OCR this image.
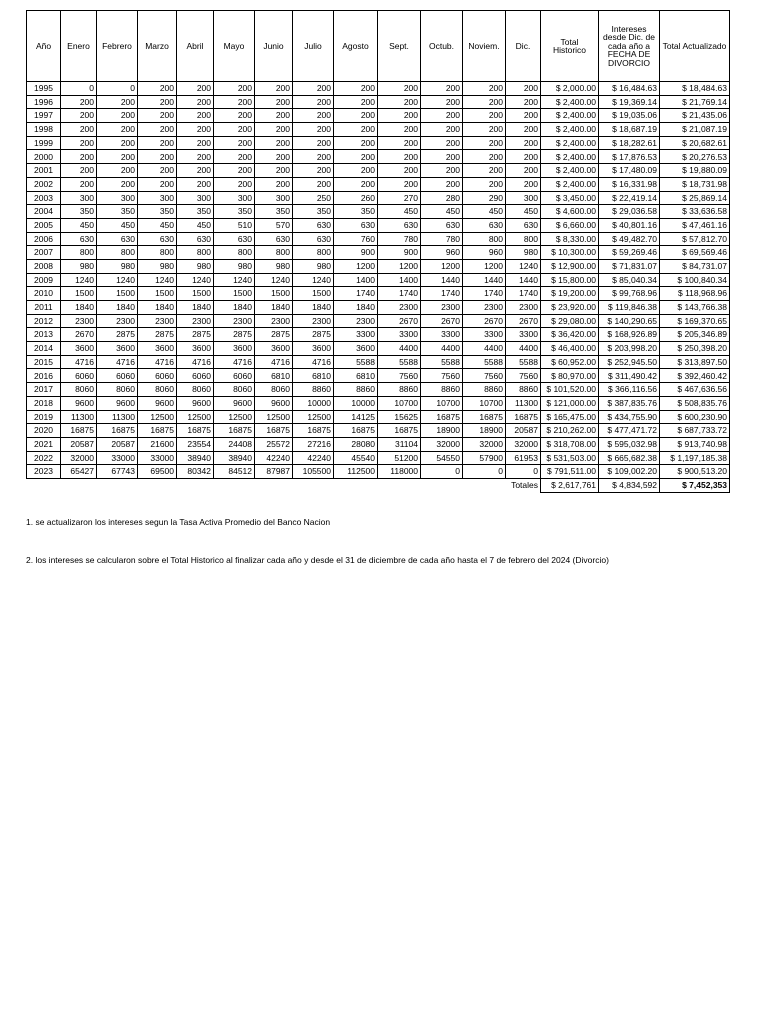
Año	Enero	Febrero	Marzo	Abril	Mayo	Junio	Julio	Agosto	Sept.	Octub.	Noviem.	Dic.	Total Historico	Intereses desde Dic. de cada año a FECHA DE DIVORCIO	Total Actualizado
1995	0	0	200	200	200	200	200	200	200	200	200	200	$ 2,000.00	$ 16,484.63	$ 18,484.63
1996	200	200	200	200	200	200	200	200	200	200	200	200	$ 2,400.00	$ 19,369.14	$ 21,769.14
1997	200	200	200	200	200	200	200	200	200	200	200	200	$ 2,400.00	$ 19,035.06	$ 21,435.06
1998	200	200	200	200	200	200	200	200	200	200	200	200	$ 2,400.00	$ 18,687.19	$ 21,087.19
1999	200	200	200	200	200	200	200	200	200	200	200	200	$ 2,400.00	$ 18,282.61	$ 20,682.61
2000	200	200	200	200	200	200	200	200	200	200	200	200	$ 2,400.00	$ 17,876.53	$ 20,276.53
2001	200	200	200	200	200	200	200	200	200	200	200	200	$ 2,400.00	$ 17,480.09	$ 19,880.09
2002	200	200	200	200	200	200	200	200	200	200	200	200	$ 2,400.00	$ 16,331.98	$ 18,731.98
2003	300	300	300	300	300	300	250	260	270	280	290	300	$ 3,450.00	$ 22,419.14	$ 25,869.14
2004	350	350	350	350	350	350	350	350	450	450	450	450	$ 4,600.00	$ 29,036.58	$ 33,636.58
2005	450	450	450	450	510	570	630	630	630	630	630	630	$ 6,660.00	$ 40,801.16	$ 47,461.16
2006	630	630	630	630	630	630	630	760	780	780	800	800	$ 8,330.00	$ 49,482.70	$ 57,812.70
2007	800	800	800	800	800	800	800	900	900	960	960	980	$ 10,300.00	$ 59,269.46	$ 69,569.46
2008	980	980	980	980	980	980	980	1200	1200	1200	1200	1240	$ 12,900.00	$ 71,831.07	$ 84,731.07
2009	1240	1240	1240	1240	1240	1240	1240	1400	1400	1440	1440	1440	$ 15,800.00	$ 85,040.34	$ 100,840.34
2010	1500	1500	1500	1500	1500	1500	1500	1740	1740	1740	1740	1740	$ 19,200.00	$ 99,768.96	$ 118,968.96
2011	1840	1840	1840	1840	1840	1840	1840	1840	2300	2300	2300	2300	$ 23,920.00	$ 119,846.38	$ 143,766.38
2012	2300	2300	2300	2300	2300	2300	2300	2300	2670	2670	2670	2670	$ 29,080.00	$ 140,290.65	$ 169,370.65
2013	2670	2875	2875	2875	2875	2875	2875	3300	3300	3300	3300	3300	$ 36,420.00	$ 168,926.89	$ 205,346.89
2014	3600	3600	3600	3600	3600	3600	3600	3600	4400	4400	4400	4400	$ 46,400.00	$ 203,998.20	$ 250,398.20
2015	4716	4716	4716	4716	4716	4716	4716	5588	5588	5588	5588	5588	$ 60,952.00	$ 252,945.50	$ 313,897.50
2016	6060	6060	6060	6060	6060	6810	6810	6810	7560	7560	7560	7560	$ 80,970.00	$ 311,490.42	$ 392,460.42
2017	8060	8060	8060	8060	8060	8060	8860	8860	8860	8860	8860	8860	$ 101,520.00	$ 366,116.56	$ 467,636.56
2018	9600	9600	9600	9600	9600	9600	10000	10000	10700	10700	10700	11300	$ 121,000.00	$ 387,835.76	$ 508,835.76
2019	11300	11300	12500	12500	12500	12500	12500	14125	15625	16875	16875	16875	$ 165,475.00	$ 434,755.90	$ 600,230.90
2020	16875	16875	16875	16875	16875	16875	16875	16875	16875	18900	18900	20587	$ 210,262.00	$ 477,471.72	$ 687,733.72
2021	20587	20587	21600	23554	24408	25572	27216	28080	31104	32000	32000	32000	$ 318,708.00	$ 595,032.98	$ 913,740.98
2022	32000	33000	33000	38940	38940	42240	42240	45540	51200	54550	57900	61953	$ 531,503.00	$ 665,682.38	$ 1,197,185.38
2023	65427	67743	69500	80342	84512	87987	105500	112500	118000	0	0	0	$ 791,511.00	$ 109,002.20	$ 900,513.20
												Totales	$ 2,617,761	$ 4,834,592	$ 7,452,353
1. se actualizaron los intereses segun la Tasa Activa Promedio del Banco Nacion
2. los intereses se calcularon sobre el Total Historico al finalizar cada año y desde el 31 de diciembre de cada año hasta el 7 de febrero del 2024 (Divorcio)
